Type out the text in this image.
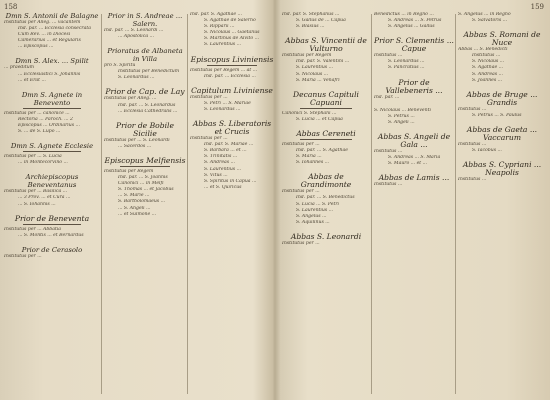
158	159
Dmn S. Antonii de Balagne
Institutus per Alleg. ... vacantem
Ind. par. ... Ecclesia consecrata
Cum Rev. ... in Diocesi
Camerarius ... et Regularis
... Episcopus ...
Dmn S. Alex. ... Spilit
... praeditum
... Ecclesiastici S. Johannis
... et Erat ...
Dmn S. Agnete in Benevento
Institutus per ... canonice ...
Rectoria ... Paroch. ... 2
Episcopus ... Ordinarius ...
S. ... de S. Lupo ...
Dmn S. Agnete Ecclesie
Institutus per ... S. Lucia
... in Montecorvino ...
Archiepiscopus Beneventanus
Institutus per ... Basilica ...
... 3 Prov. ... et Cura ...
... S. Iohannis ...
Prior de Beneventa
Institutus per ... Abbatia
... S. Montis ... et Bernardus
Prior de Cerasolo
Institutus per ...
Prior in S. Andreae ... Salern.
Ind. par. ... S. Leonardi ...
... Apostolica ...
Prioratus de Albaneta in Villa
pro S. Spiritu
Institutus per Benedictum
S. Leonardus ...
Prior de Cap. de Lay
Institutus per Alleg. ...
Ind. par. ... S. Leonardus
... Ecclesia Cathedralis ...
Prior de Bobile Sicilie
Institutus per ... S. Leonardi
... Sacerdos ...
Episcopus Melfiensis
Institutus per Regem
Ind. par. ... S. Joannis
Canonici ... in Melfi
S. Thomas ... et Jacobus
... S. Marie ...
S. Bartholomaeus ...
... S. Angeli ...
... et Sulmone ...
Ind. par. S. Agathae ...
S. Agathae de Salerno
S. Ripparii ...
S. Nicolaus ... Gaetanus
S. Martinus de Alvito ...
S. Laurentius ...
Episcopus Liviniensis
Institutus per Regem ... at ...
Ind. par. ... Ecclesia ...
Capitulum Liviniense
Institutus per ...
S. Petri ... S. Mariae
S. Leonardus ...
Abbas S. Liberatoris et Crucis
Institutus per ...
Ind. par. S. Mariae ...
S. Barbara ... et ...
S. Trinitatis ...
S. Andreas ...
S. Laurentius ...
S. Vitus ...
S. Spiritus in Capua ...
... et S. Quiricus
Ind. par. S. Stephanus ...
S. Gallus de ... Capua
S. Blasius ...
Abbas S. Vincentii de Vulturno
Institutus per Regem
Ind. par. S. Valentini ...
S. Laurentius ...
S. Nicolaus ...
S. Maria ... Venafri
Decanus Capituli Capuani
Canonici S. Stephani ...
S. Lucia ... et Capua
Abbas Cereneti
Institutus per ...
Ind. par. ... S. Agathae
S. Maria ...
S. Iohannes ...
Abbas de Grandimonte
Institutus per ...
Ind. par. ... S. Benedictus
S. Lucia ... S. Petri
S. Laurentius ...
S. Angelus ...
S. Aquilinus ...
Abbas S. Leonardi
Institutus per ...
Benedictus ... in Regno ...
S. Andreas ... S. Petrus
S. Angelus ... Gallus
Prior S. Clementis ... Capue
Institutus ...
S. Leonardus ...
S. Pancratius ...
Prior de Vallebeneris ...
Ind. par. ...
S. Nicolaus ... Beneventi
S. Petrus ...
S. Angeli ...
Abbas S. Angeli de Gala ...
Institutus ...
S. Andreas ... S. Maria
S. Mauro ... et ...
Abbas de Lamis ...
Institutus ...
S. Angelus ... in Regno
S. Salvatoris ...
Abbas S. Romani de Nuce
Abbas ... S. Benedicti
Institutus ...
S. Nicolaus ...
S. Agathae ...
S. Andreas ...
S. Joannes ...
Abbas de Bruge ... Grandis
Institutus ...
S. Petrus ... S. Paulus
Abbas de Gaeta ... Vaccarum
Institutus ...
S. Iacobus ...
Abbas S. Cypriani ... Neapolis
Institutus ...
